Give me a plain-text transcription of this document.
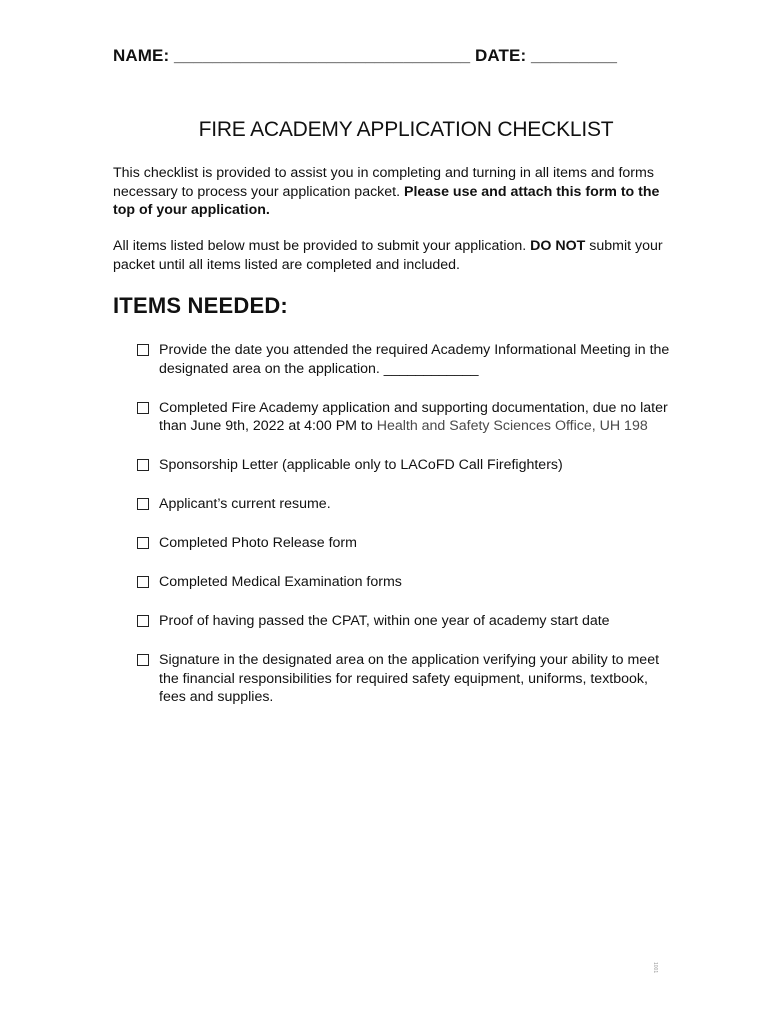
NAME: _______________________________ DATE: _________
FIRE ACADEMY APPLICATION CHECKLIST
This checklist is provided to assist you in completing and turning in all items and forms necessary to process your application packet. Please use and attach this form to the top of your application.
All items listed below must be provided to submit your application. DO NOT submit your packet until all items listed are completed and included.
ITEMS NEEDED:
Provide the date you attended the required Academy Informational Meeting in the designated area on the application. ____________
Completed Fire Academy application and supporting documentation, due no later than June 9th, 2022 at 4:00 PM to Health and Safety Sciences Office, UH 198
Sponsorship Letter (applicable only to LACoFD Call Firefighters)
Applicant’s current resume.
Completed Photo Release form
Completed Medical Examination forms
Proof of having passed the CPAT, within one year of academy start date
Signature in the designated area on the application verifying your ability to meet the financial responsibilities for required safety equipment, uniforms, textbook, fees and supplies.
1001
